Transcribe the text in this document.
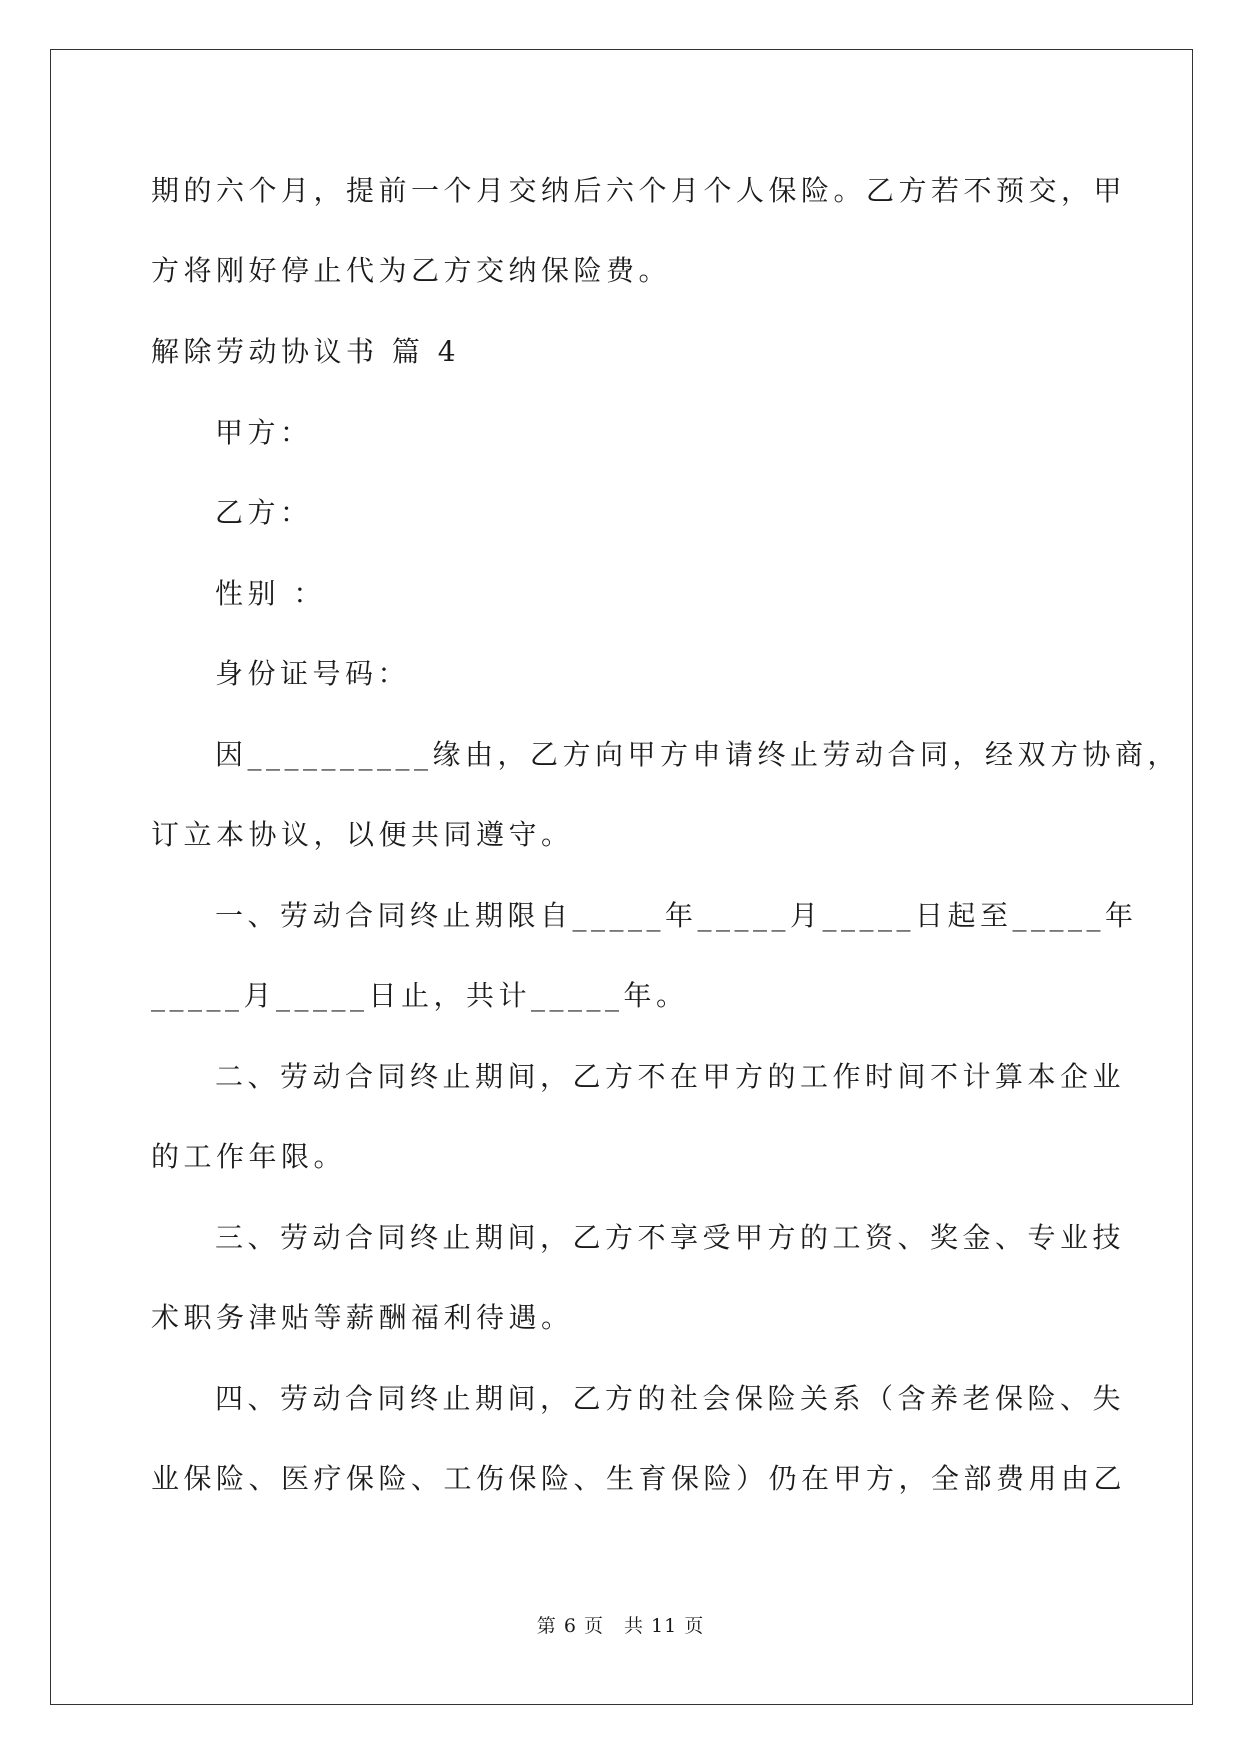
期的六个月，提前一个月交纳后六个月个人保险。乙方若不预交，甲
方将刚好停止代为乙方交纳保险费。
解除劳动协议书 篇 4
甲方：
乙方：
性别 ：
身份证号码：
因__________缘由，乙方向甲方申请终止劳动合同，经双方协商，
订立本协议，以便共同遵守。
一、劳动合同终止期限自_____年_____月_____日起至_____年
_____月_____日止，共计_____年。
二、劳动合同终止期间，乙方不在甲方的工作时间不计算本企业
的工作年限。
三、劳动合同终止期间，乙方不享受甲方的工资、奖金、专业技
术职务津贴等薪酬福利待遇。
四、劳动合同终止期间，乙方的社会保险关系（含养老保险、失
业保险、医疗保险、工伤保险、生育保险）仍在甲方，全部费用由乙
第 6 页　共 11 页
